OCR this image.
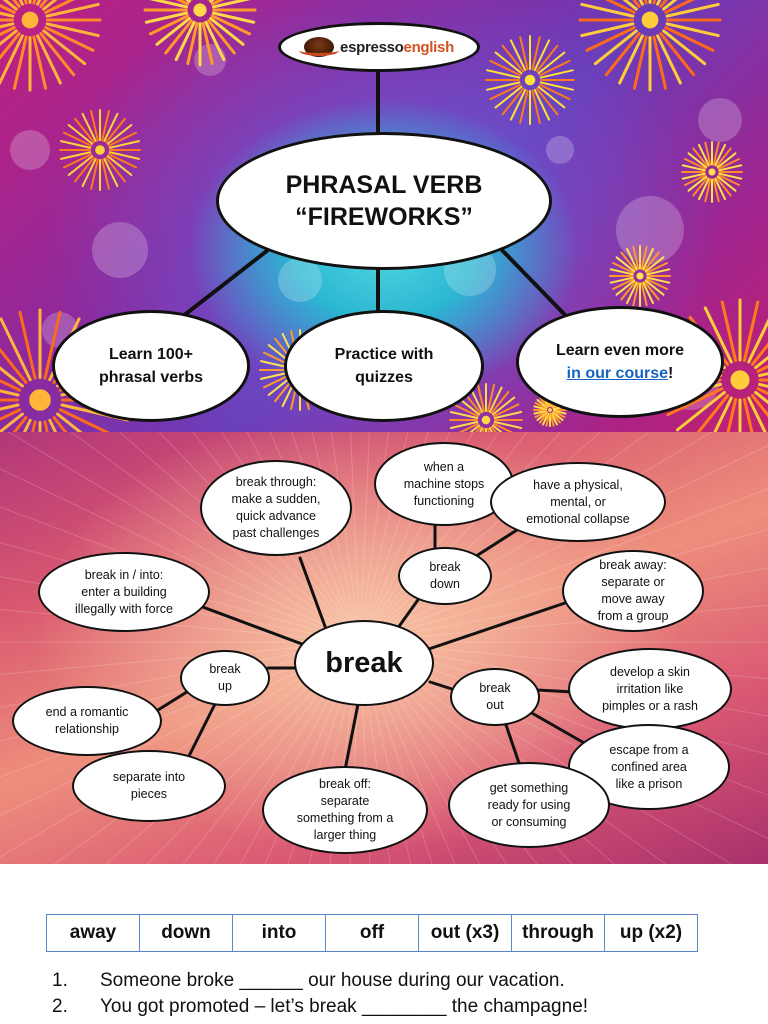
espressoenglish
PHRASAL VERB
“FIREWORKS”
Learn 100+
phrasal verbs
Practice with
quizzes
Learn even more
in our course!
break through:
make a sudden,
quick advance
past challenges
when a
machine stops
functioning
have a physical,
mental, or
emotional collapse
break in / into:
enter a building
illegally with force
break
down
break away:
separate or
move away
from a group
break
break
up
end a romantic
relationship
separate into
pieces
break off:
separate
something from a
larger thing
break
out
develop a skin
irritation like
pimples or a rash
escape from a
confined area
like a prison
get something
ready for using
or consuming
away	down	into	off	out (x3)	through	up (x2)
1.	Someone broke ______ our house during our vacation.
2.	You got promoted – let’s break ________ the champagne!
